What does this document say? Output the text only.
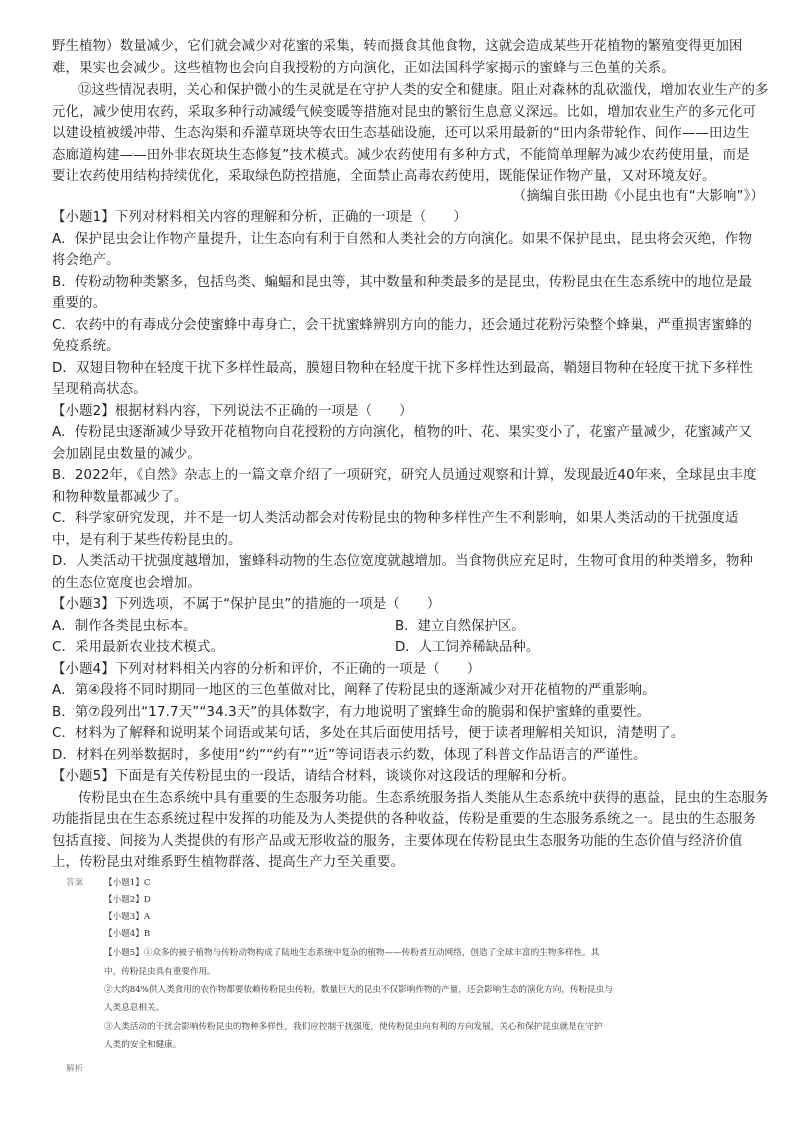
野生植物）数量减少，它们就会减少对花蜜的采集，转而摄食其他食物，这就会造成某些开花植物的繁殖变得更加困
难，果实也会减少。这些植物也会向自我授粉的方向演化，正如法国科学家揭示的蜜蜂与三色堇的关系。
⑫这些情况表明，关心和保护微小的生灵就是在守护人类的安全和健康。阻止对森林的乱砍滥伐，增加农业生产的多
元化，减少使用农药，采取多种行动减缓气候变暖等措施对昆虫的繁衍生息意义深远。比如，增加农业生产的多元化可
以建设植被缓冲带、生态沟渠和乔灌草斑块等农田生态基础设施，还可以采用最新的“田内条带轮作、间作——田边生
态廊道构建——田外非农斑块生态修复”技术模式。减少农药使用有多种方式，不能简单理解为减少农药使用量，而是
要让农药使用结构持续优化，采取绿色防控措施，全面禁止高毒农药使用，既能保证作物产量，又对环境友好。
（摘编自张田勘《小昆虫也有“大影响”》）
【小题1】下列对材料相关内容的理解和分析，正确的一项是（　　）
A．保护昆虫会让作物产量提升，让生态向有利于自然和人类社会的方向演化。如果不保护昆虫，昆虫将会灭绝，作物
将会绝产。
B．传粉动物种类繁多，包括鸟类、蝙蝠和昆虫等，其中数量和种类最多的是昆虫，传粉昆虫在生态系统中的地位是最
重要的。
C．农药中的有毒成分会使蜜蜂中毒身亡，会干扰蜜蜂辨别方向的能力，还会通过花粉污染整个蜂巢，严重损害蜜蜂的
免疫系统。
D．双翅目物种在轻度干扰下多样性最高，膜翅目物种在轻度干扰下多样性达到最高，鞘翅目物种在轻度干扰下多样性
呈现稍高状态。
【小题2】根据材料内容，下列说法不正确的一项是（　　）
A．传粉昆虫逐渐减少导致开花植物向自花授粉的方向演化，植物的叶、花、果实变小了，花蜜产量减少，花蜜减产又
会加剧昆虫数量的减少。
B．2022年，《自然》杂志上的一篇文章介绍了一项研究，研究人员通过观察和计算，发现最近40年来，全球昆虫丰度
和物种数量都减少了。
C．科学家研究发现，并不是一切人类活动都会对传粉昆虫的物种多样性产生不利影响，如果人类活动的干扰强度适
中，是有利于某些传粉昆虫的。
D．人类活动干扰强度越增加，蜜蜂科动物的生态位宽度就越增加。当食物供应充足时，生物可食用的种类增多，物种
的生态位宽度也会增加。
【小题3】下列选项，不属于“保护昆虫”的措施的一项是（　　）
A．制作各类昆虫标本。	B．建立自然保护区。
C．采用最新农业技术模式。	D．人工饲养稀缺品种。
【小题4】下列对材料相关内容的分析和评价，不正确的一项是（　　）
A．第④段将不同时期同一地区的三色堇做对比，阐释了传粉昆虫的逐渐减少对开花植物的严重影响。
B．第⑦段列出“17.7天”“34.3天”的具体数字，有力地说明了蜜蜂生命的脆弱和保护蜜蜂的重要性。
C．材料为了解释和说明某个词语或某句话，多处在其后面使用括号，便于读者理解相关知识，清楚明了。
D．材料在列举数据时，多使用“约”“约有”“近”等词语表示约数，体现了科普文作品语言的严谨性。
【小题5】下面是有关传粉昆虫的一段话，请结合材料，谈谈你对这段话的理解和分析。
传粉昆虫在生态系统中具有重要的生态服务功能。生态系统服务指人类能从生态系统中获得的惠益，昆虫的生态服务
功能指昆虫在生态系统过程中发挥的功能及为人类提供的各种收益，传粉是重要的生态服务系统之一。昆虫的生态服务
包括直接、间接为人类提供的有形产品或无形收益的服务，主要体现在传粉昆虫生态服务功能的生态价值与经济价值
上，传粉昆虫对维系野生植物群落、提高生产力至关重要。
答案 【小题1】C
【小题2】D
【小题3】A
【小题4】B
【小题5】①众多的被子植物与传粉动物构成了陆地生态系统中复杂的植物——传粉者互动网络，创造了全球丰富的生物多样性。其
中，传粉昆虫具有重要作用。
②大约84%供人类食用的农作物都要依赖传粉昆虫传粉，数量巨大的昆虫不仅影响作物的产量，还会影响生态的演化方向，传粉昆虫与
人类息息相关。
③人类活动的干扰会影响传粉昆虫的物种多样性，我们应控制干扰强度，使传粉昆虫向有利的方向发展，关心和保护昆虫就是在守护
人类的安全和健康。
解析
